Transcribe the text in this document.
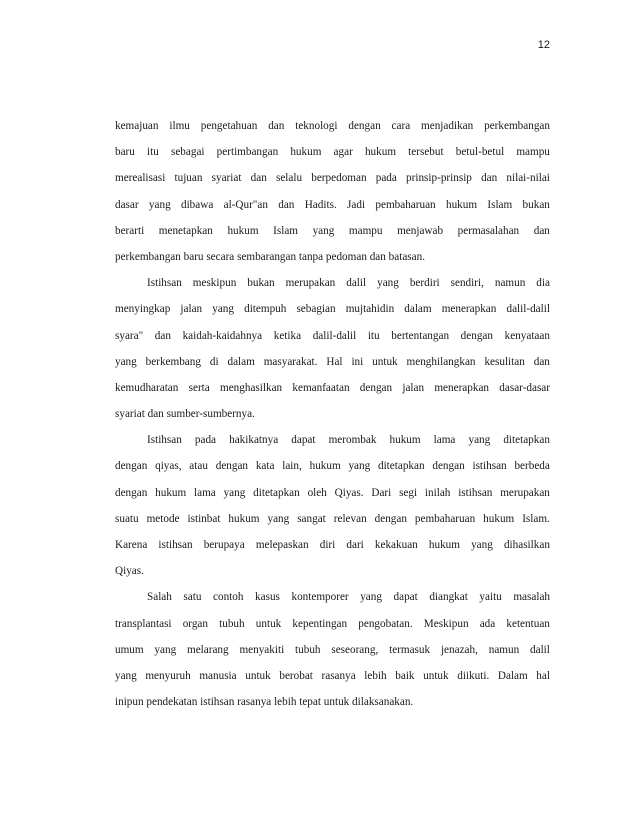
12
kemajuan ilmu pengetahuan dan teknologi dengan cara menjadikan perkembangan
baru itu sebagai pertimbangan hukum agar hukum tersebut betul-betul mampu
merealisasi tujuan syariat dan selalu berpedoman pada prinsip-prinsip dan nilai-nilai
dasar yang dibawa al-Qur"an dan Hadits. Jadi pembaharuan hukum Islam bukan
berarti menetapkan hukum Islam yang mampu menjawab permasalahan dan
perkembangan baru secara sembarangan tanpa pedoman dan batasan.
Istihsan meskipun bukan merupakan dalil yang berdiri sendiri, namun dia
menyingkap jalan yang ditempuh sebagian mujtahidin dalam menerapkan dalil-dalil
syara" dan kaidah-kaidahnya ketika dalil-dalil itu bertentangan dengan kenyataan
yang berkembang di dalam masyarakat. Hal ini untuk menghilangkan kesulitan dan
kemudharatan serta menghasilkan kemanfaatan dengan jalan menerapkan dasar-dasar
syariat dan sumber-sumbernya.
Istihsan pada hakikatnya dapat merombak hukum lama yang ditetapkan
dengan qiyas, atau dengan kata lain, hukum yang ditetapkan dengan istihsan berbeda
dengan hukum lama yang ditetapkan oleh Qiyas. Dari segi inilah istihsan merupakan
suatu metode istinbat hukum yang sangat relevan dengan pembaharuan hukum Islam.
Karena istihsan berupaya melepaskan diri dari kekakuan hukum yang dihasilkan
Qiyas.
Salah satu contoh kasus kontemporer yang dapat diangkat yaitu masalah
transplantasi organ tubuh untuk kepentingan pengobatan. Meskipun ada ketentuan
umum yang melarang menyakiti tubuh seseorang, termasuk jenazah, namun dalil
yang menyuruh manusia untuk berobat rasanya lebih baik untuk diikuti. Dalam hal
inipun pendekatan istihsan rasanya lebih tepat untuk dilaksanakan.
